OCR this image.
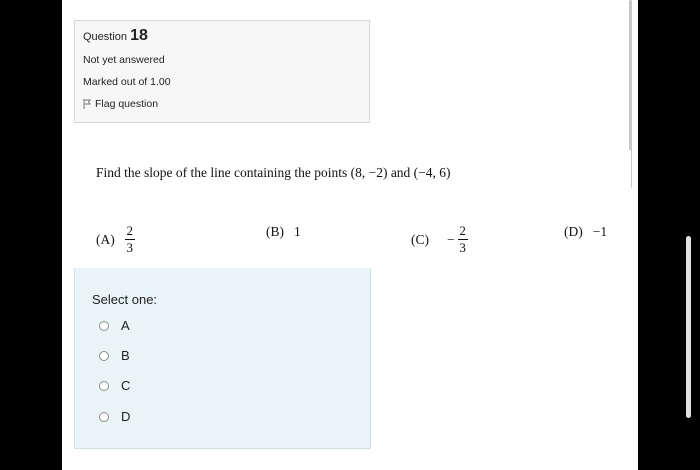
Question 18
Not yet answered
Marked out of 1.00
Flag question
Find the slope of the line containing the points (8, −2) and (−4, 6)
$(A) \frac{2}{3}$	(B) 1	$(C) - \frac{2}{3}$	(D) −1
Select one:
A
B
C
D
